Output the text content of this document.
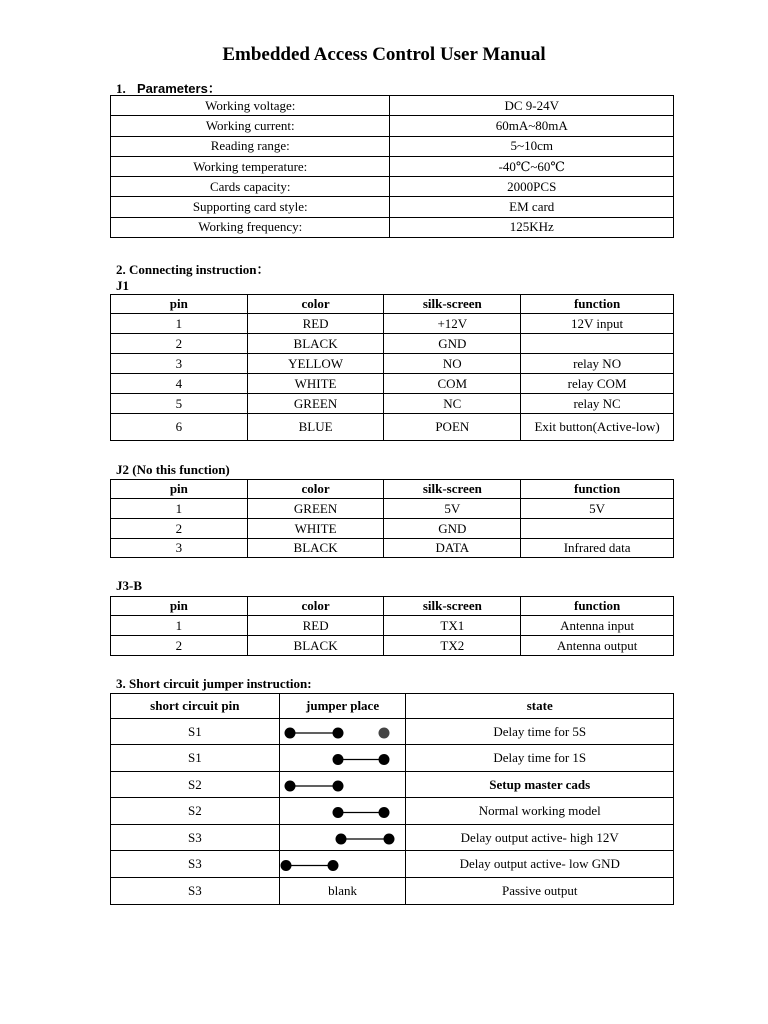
Embedded Access Control User Manual
1. Parameters：
Working voltage:	DC 9-24V
Working current:	60mA~80mA
Reading range:	5~10cm
Working temperature:	-40℃~60℃
Cards capacity:	2000PCS
Supporting card style:	EM card
Working frequency:	125KHz
2. Connecting instruction：
J1
pin	color	silk-screen	function
1	RED	+12V	12V input
2	BLACK	GND	
3	YELLOW	NO	relay NO
4	WHITE	COM	relay COM
5	GREEN	NC	relay NC
6	BLUE	POEN	Exit button(Active-low)
J2 (No this function)
pin	color	silk-screen	function
1	GREEN	5V	5V
2	WHITE	GND	
3	BLACK	DATA	Infrared data
J3-B
pin	color	silk-screen	function
1	RED	TX1	Antenna input
2	BLACK	TX2	Antenna output
3. Short circuit jumper instruction:
short circuit pin	jumper place	state
S1		Delay time for 5S
S1		Delay time for 1S
S2		Setup master cads
S2		Normal working model
S3		Delay output active- high 12V
S3		Delay output active- low GND
S3	blank	Passive output
